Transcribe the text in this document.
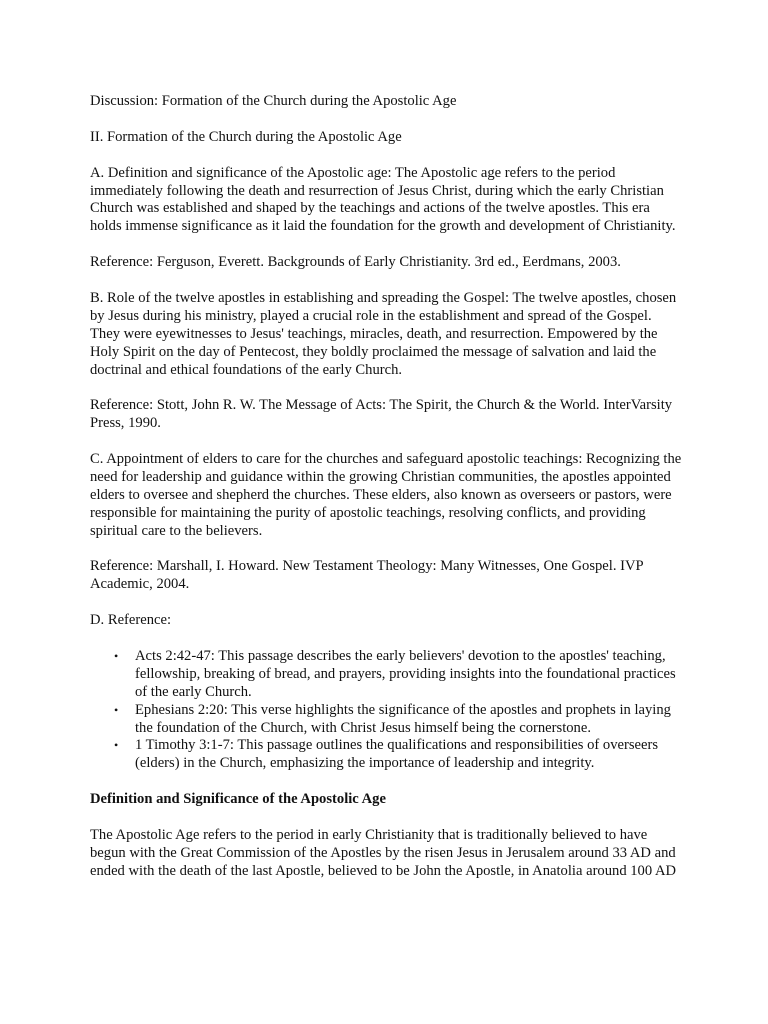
Discussion: Formation of the Church during the Apostolic Age

II. Formation of the Church during the Apostolic Age

A. Definition and significance of the Apostolic age: The Apostolic age refers to the period immediately following the death and resurrection of Jesus Christ, during which the early Christian Church was established and shaped by the teachings and actions of the twelve apostles. This era holds immense significance as it laid the foundation for the growth and development of Christianity.

Reference: Ferguson, Everett. Backgrounds of Early Christianity. 3rd ed., Eerdmans, 2003.

B. Role of the twelve apostles in establishing and spreading the Gospel: The twelve apostles, chosen by Jesus during his ministry, played a crucial role in the establishment and spread of the Gospel. They were eyewitnesses to Jesus' teachings, miracles, death, and resurrection. Empowered by the Holy Spirit on the day of Pentecost, they boldly proclaimed the message of salvation and laid the doctrinal and ethical foundations of the early Church.

Reference: Stott, John R. W. The Message of Acts: The Spirit, the Church & the World. InterVarsity Press, 1990.

C. Appointment of elders to care for the churches and safeguard apostolic teachings: Recognizing the need for leadership and guidance within the growing Christian communities, the apostles appointed elders to oversee and shepherd the churches. These elders, also known as overseers or pastors, were responsible for maintaining the purity of apostolic teachings, resolving conflicts, and providing spiritual care to the believers.

Reference: Marshall, I. Howard. New Testament Theology: Many Witnesses, One Gospel. IVP Academic, 2004.

D. Reference:

• Acts 2:42-47: This passage describes the early believers' devotion to the apostles' teaching, fellowship, breaking of bread, and prayers, providing insights into the foundational practices of the early Church.
• Ephesians 2:20: This verse highlights the significance of the apostles and prophets in laying the foundation of the Church, with Christ Jesus himself being the cornerstone.
• 1 Timothy 3:1-7: This passage outlines the qualifications and responsibilities of overseers (elders) in the Church, emphasizing the importance of leadership and integrity.
Definition and Significance of the Apostolic Age

The Apostolic Age refers to the period in early Christianity that is traditionally believed to have begun with the Great Commission of the Apostles by the risen Jesus in Jerusalem around 33 AD and ended with the death of the last Apostle, believed to be John the Apostle, in Anatolia around 100 AD
